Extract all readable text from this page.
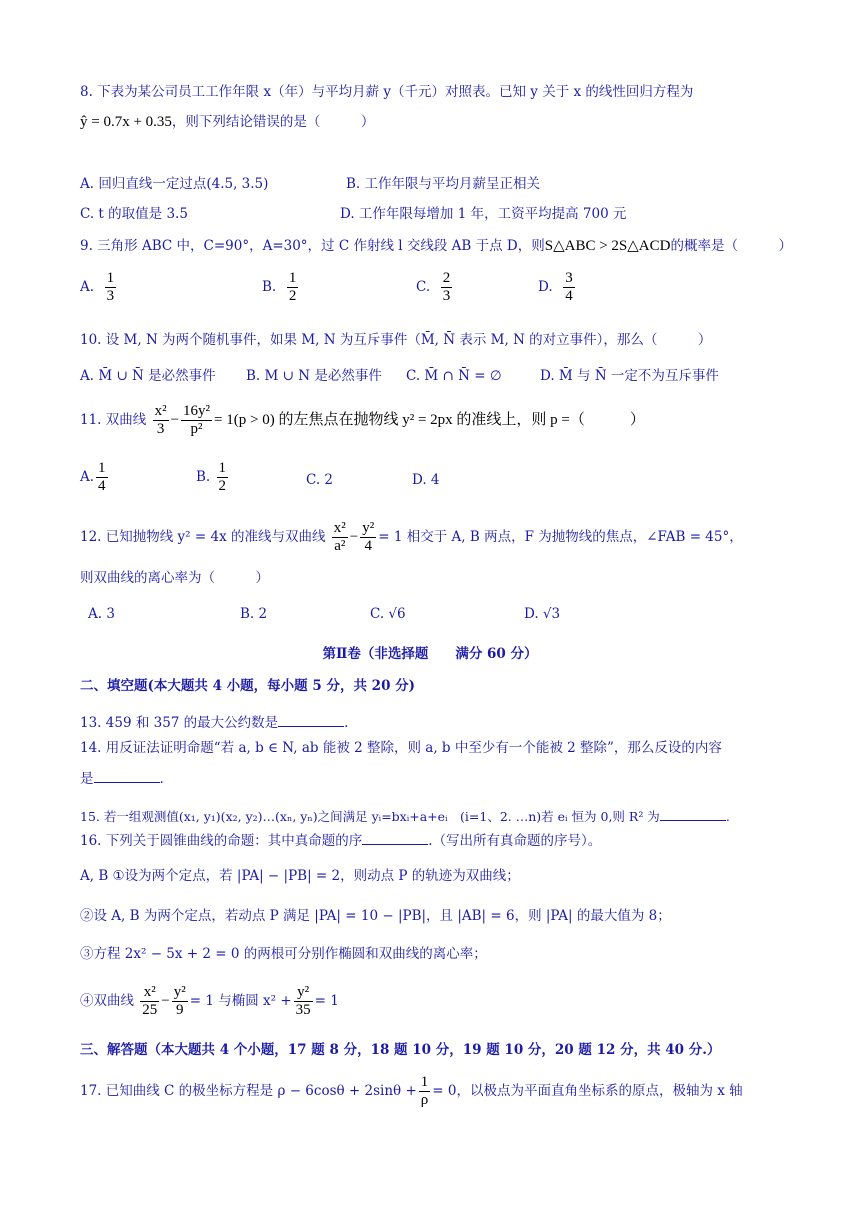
8. 下表为某公司员工工作年限 x（年）与平均月薪 y（千元）对照表。已知 y 关于 x 的线性回归方程为
ŷ = 0.7x + 0.35，则下列结论错误的是（　　　）
A. 回归直线一定过点(4.5, 3.5)	B. 工作年限与平均月薪呈正相关
C. t 的取值是 3.5	D. 工作年限每增加 1 年，工资平均提高 700 元
9. 三角形 ABC 中，C=90°，A=30°，过 C 作射线 l 交线段 AB 于点 D，则S△ABC > 2S△ACD的概率是（　　　）
A. $\frac{1}{3}$	B. $\frac{1}{2}$	C. $\frac{2}{3}$	D. $\frac{3}{4}$
10. 设 M, N 为两个随机事件，如果 M, N 为互斥事件（M̄, N̄ 表示 M, N 的对立事件），那么（　　　）
A. M̄ ∪ N̄ 是必然事件 B. M ∪ N 是必然事件 C. M̄ ∩ N̄ = ∅	D. M̄ 与 N̄ 一定不为互斥事件
11. 双曲线 $\frac{\text{x²}}{3} - \frac{\text{16y²}}{\text{p²}} = 1(p > 0)$ 的左焦点在抛物线 y² = 2px 的准线上，则 p =（　　　）
A. $\frac{1}{4}$	B. $\frac{1}{2}$	C. 2	D. 4
12. 已知抛物线 y² = 4x 的准线与双曲线 $\frac{\text{x²}}{\text{a²}} - \frac{\text{y²}}{4} = 1$ 相交于 A, B 两点，F 为抛物线的焦点，∠FAB = 45°，
则双曲线的离心率为（　　　）
A. 3	B. 2	C. √6	D. √3
第Ⅱ卷（非选择题　　满分 60 分）
二、填空题(本大题共 4 小题，每小题 5 分，共 20 分)
13. 459 和 357 的最大公约数是	.
14. 用反证法证明命题“若 a, b ∈ N, ab 能被 2 整除，则 a, b 中至少有一个能被 2 整除”，那么反设的内容
是	.
15. 若一组观测值(x₁, y₁)(x₂, y₂)…(xₙ, yₙ)之间满足 yᵢ=bxᵢ+a+eᵢ　(i=1、2. …n)若 eᵢ 恒为 0,则 R² 为	.
16. 下列关于圆锥曲线的命题：其中真命题的序	.（写出所有真命题的序号）。
A, B ①设为两个定点，若 |PA| − |PB| = 2，则动点 P 的轨迹为双曲线；
②设 A, B 为两个定点，若动点 P 满足 |PA| = 10 − |PB|，且 |AB| = 6，则 |PA| 的最大值为 8；
③方程 2x² − 5x + 2 = 0 的两根可分别作椭圆和双曲线的离心率；
④双曲线 $\frac{\text{x²}}{25} - \frac{\text{y²}}{9} = 1$ 与椭圆 $x^2 + \frac{\text{y²}}{35} = 1$
三、解答题（本大题共 4 个小题，17 题 8 分，18 题 10 分，19 题 10 分，20 题 12 分，共 40 分.）
17. 已知曲线 C 的极坐标方程是 $\rho - 6\cos\theta + 2\sin\theta + \frac{1}{\rho} = 0$，以极点为平面直角坐标系的原点，极轴为 x 轴
